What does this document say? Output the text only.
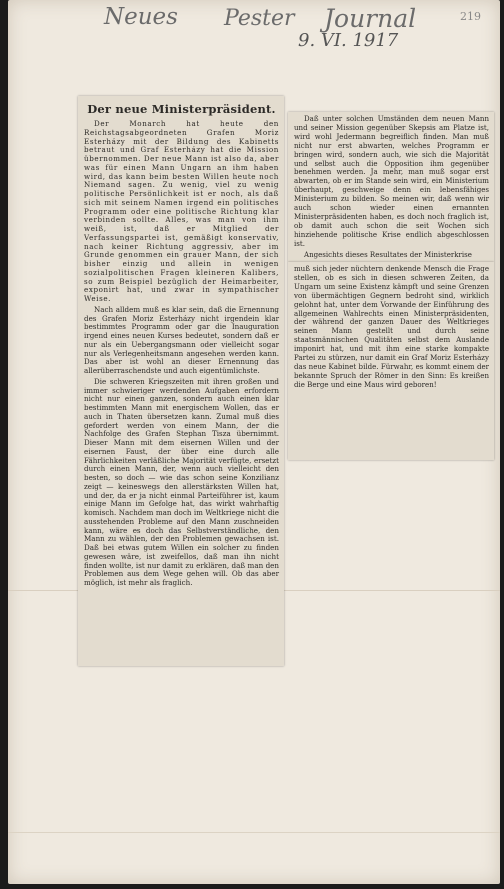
Neues Pester Journal
9. VI. 1917
219
Der neue Ministerpräsident.

Der Monarch hat heute den Reichstagsabgeordneten Grafen Moriz Esterházy mit der Bildung des Kabinetts betraut und Graf Esterházy hat die Mission übernommen. Der neue Mann ist also da, aber was für einen Mann Ungarn an ihm haben wird, das kann beim besten Willen heute noch Niemand sagen. Zu wenig, viel zu wenig politische Persönlichkeit ist er noch, als daß sich mit seinem Namen irgend ein politisches Programm oder eine politische Richtung klar verbinden sollte. Alles, was man von ihm weiß, ist, daß er Mitglied der Verfassungspartei ist, gemäßigt konservativ, nach keiner Richtung aggressiv, aber im Grunde genommen ein grauer Mann, der sich bisher einzig und allein in wenigen sozialpolitischen Fragen kleineren Kalibers, so zum Beispiel bezüglich der Heimarbeiter, exponirt hat, und zwar in sympathischer Weise.

Nach alldem muß es klar sein, daß die Ernennung des Grafen Moriz Esterházy nicht irgendein klar bestimmtes Programm oder gar die Inauguration irgend eines neuen Kurses bedeutet, sondern daß er nur als ein Uebergangsmann oder vielleicht sogar nur als Verlegenheitsmann angesehen werden kann. Das aber ist wohl an dieser Ernennung das allerüberraschendste und auch eigentümlichste.

Die schweren Kriegszeiten mit ihren großen und immer schwieriger werdenden Aufgaben erfordern nicht nur einen ganzen, sondern auch einen klar bestimmten Mann mit energischem Wollen, das er auch in Thaten übersetzen kann. Zumal muß dies gefordert werden von einem Mann, der die Nachfolge des Grafen Stephan Tisza übernimmt. Dieser Mann mit dem eisernen Willen und der eisernen Faust, der über eine durch alle Fährlichkeiten verläßliche Majorität verfügte, ersetzt durch einen Mann, der, wenn auch vielleicht den besten, so doch — wie das schon seine Konzilianz zeigt — keineswegs den allerstärksten Willen hat, und der, da er ja nicht einmal Parteiführer ist, kaum einige Mann im Gefolge hat, das wirkt wahrhaftig komisch. Nachdem man doch im Weltkriege nicht die ausstehenden Probleme auf den Mann zuschneiden kann, wäre es doch das Selbstverständliche, den Mann zu wählen, der den Problemen gewachsen ist. Daß bei etwas gutem Willen ein solcher zu finden gewesen wäre, ist zweifellos, daß man ihn nicht finden wollte, ist nur damit zu erklären, daß man den Problemen aus dem Wege gehen will. Ob das aber möglich, ist mehr als fraglich.

Daß unter solchen Umständen dem neuen Mann und seiner Mission gegenüber Skepsis am Platze ist, wird wohl Jedermann begreiflich finden. Man muß nicht nur erst abwarten, welches Programm er bringen wird, sondern auch, wie sich die Majorität und selbst auch die Opposition ihm gegenüber benehmen werden. Ja mehr, man muß sogar erst abwarten, ob er im Stande sein wird, ein Ministerium überhaupt, geschweige denn ein lebensfähiges Ministerium zu bilden. So meinen wir, daß wenn wir auch schon wieder einen ernannten Ministerpräsidenten haben, es doch noch fraglich ist, ob damit auch schon die seit Wochen sich hinziehende politische Krise endlich abgeschlossen ist.

Angesichts dieses Resultates der Ministerkrise

muß sich jeder nüchtern denkende Mensch die Frage stellen, ob es sich in diesen schweren Zeiten, da Ungarn um seine Existenz kämpft und seine Grenzen von übermächtigen Gegnern bedroht sind, wirklich gelohnt hat, unter dem Vorwande der Einführung des allgemeinen Wahlrechts einen Ministerpräsidenten, der während der ganzen Dauer des Weltkrieges seinen Mann gestellt und durch seine staatsmännischen Qualitäten selbst dem Auslande imponirt hat, und mit ihm eine starke kompakte Partei zu stürzen, nur damit ein Graf Moriz Esterházy das neue Kabinet bilde. Fürwahr, es kommt einem der bekannte Spruch der Römer in den Sinn: Es kreißen die Berge und eine Maus wird geboren!
